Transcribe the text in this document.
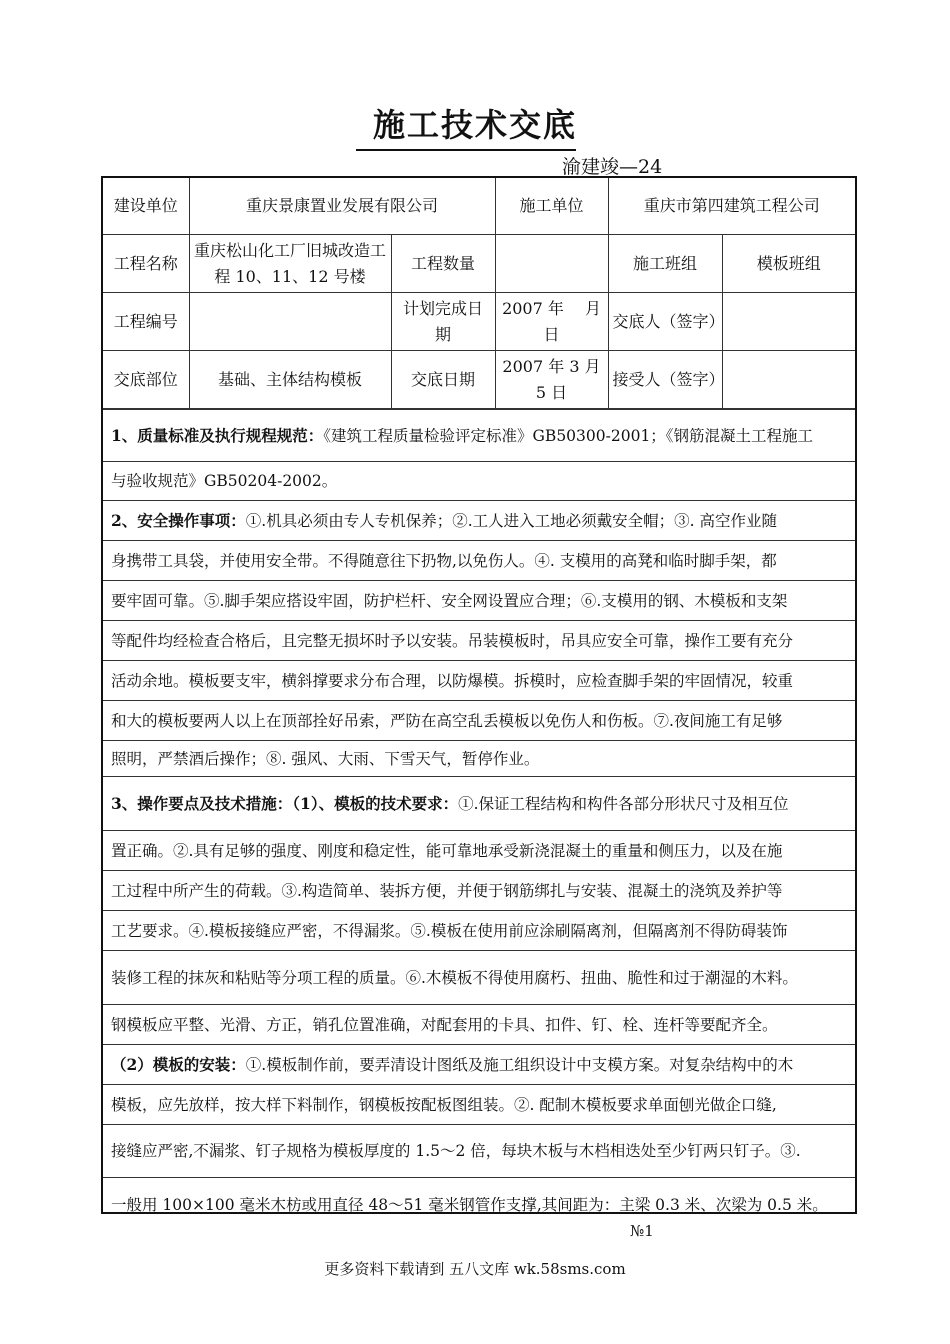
施工技术交底
渝建竣—24
建设单位	重庆景康置业发展有限公司		施工单位	重庆市第四建筑工程公司	
工程名称	重庆松山化工厂旧城改造工程 10、11、12 号楼	工程数量		施工班组	模板班组
工程编号		计划完成日期	2007 年　 月　 日	交底人（签字）	
交底部位	基础、主体结构模板	交底日期	2007 年 3 月 5 日	接受人（签字）	
1、质量标准及执行规程规范：《建筑工程质量检验评定标准》GB50300-2001；《钢筋混凝土工程施工
与验收规范》GB50204-2002。
2、安全操作事项：①.机具必须由专人专机保养；②.工人进入工地必须戴安全帽；③. 高空作业随
身携带工具袋，并使用安全带。不得随意往下扔物,以免伤人。④. 支模用的高凳和临时脚手架，都
要牢固可靠。⑤.脚手架应搭设牢固，防护栏杆、安全网设置应合理；⑥.支模用的钢、木模板和支架
等配件均经检查合格后，且完整无损坏时予以安装。吊装模板时，吊具应安全可靠，操作工要有充分
活动余地。模板要支牢，横斜撑要求分布合理，以防爆模。拆模时，应检查脚手架的牢固情况，较重
和大的模板要两人以上在顶部拴好吊索，严防在高空乱丢模板以免伤人和伤板。⑦.夜间施工有足够
照明，严禁酒后操作；⑧. 强风、大雨、下雪天气，暂停作业。
3、操作要点及技术措施：（1）、模板的技术要求：①.保证工程结构和构件各部分形状尺寸及相互位
置正确。②.具有足够的强度、刚度和稳定性，能可靠地承受新浇混凝土的重量和侧压力，以及在施
工过程中所产生的荷载。③.构造简单、装拆方便，并便于钢筋绑扎与安装、混凝土的浇筑及养护等
工艺要求。④.模板接缝应严密，不得漏浆。⑤.模板在使用前应涂刷隔离剂，但隔离剂不得防碍装饰
装修工程的抹灰和粘贴等分项工程的质量。⑥.木模板不得使用腐朽、扭曲、脆性和过于潮湿的木料。
钢模板应平整、光滑、方正，销孔位置准确，对配套用的卡具、扣件、钉、栓、连杆等要配齐全。
（2）模板的安装：①.模板制作前，要弄清设计图纸及施工组织设计中支模方案。对复杂结构中的木
模板，应先放样，按大样下料制作，钢模板按配板图组装。②. 配制木模板要求单面刨光做企口缝,
接缝应严密,不漏浆、钉子规格为模板厚度的 1.5～2 倍，每块木板与木档相迭处至少钉两只钉子。③.
一般用 100×100 毫米木枋或用直径 48～51 毫米钢管作支撑,其间距为：主梁 0.3 米、次梁为 0.5 米。
№1
更多资料下载请到 五八文库 wk.58sms.com
